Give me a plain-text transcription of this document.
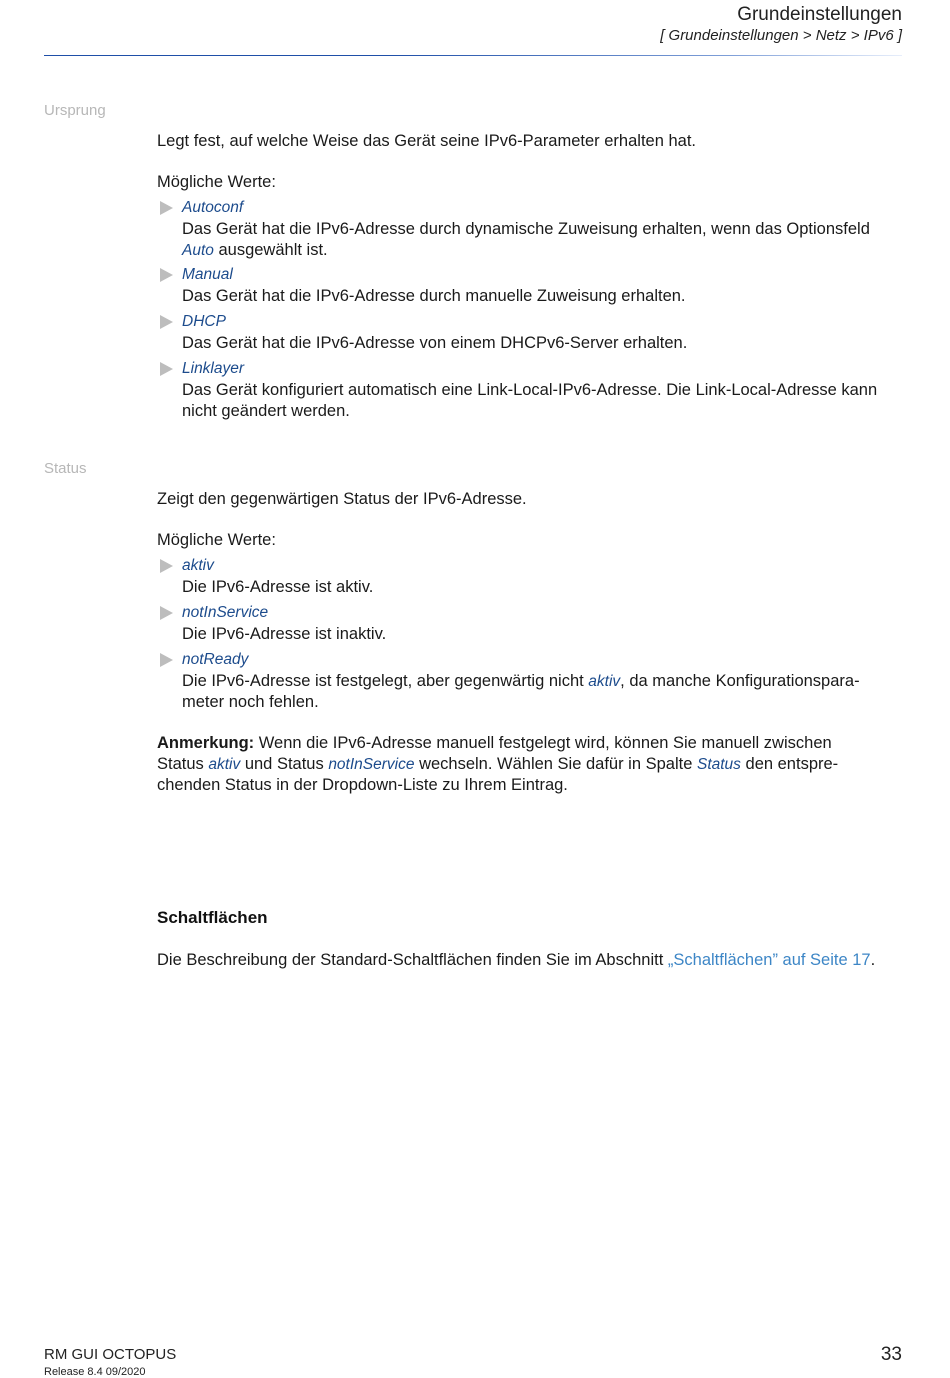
Grundeinstellungen
[ Grundeinstellungen > Netz > IPv6 ]
Ursprung
Legt fest, auf welche Weise das Gerät seine IPv6-Parameter erhalten hat.
Mögliche Werte:
Autoconf
Das Gerät hat die IPv6-Adresse durch dynamische Zuweisung erhalten, wenn das Optionsfeld Auto ausgewählt ist.
Manual
Das Gerät hat die IPv6-Adresse durch manuelle Zuweisung erhalten.
DHCP
Das Gerät hat die IPv6-Adresse von einem DHCPv6-Server erhalten.
Linklayer
Das Gerät konfiguriert automatisch eine Link-Local-IPv6-Adresse. Die Link-Local-Adresse kann nicht geändert werden.
Status
Zeigt den gegenwärtigen Status der IPv6-Adresse.
Mögliche Werte:
aktiv
Die IPv6-Adresse ist aktiv.
notInService
Die IPv6-Adresse ist inaktiv.
notReady
Die IPv6-Adresse ist festgelegt, aber gegenwärtig nicht aktiv, da manche Konfigurationspara-meter noch fehlen.
Anmerkung: Wenn die IPv6-Adresse manuell festgelegt wird, können Sie manuell zwischen Status aktiv und Status notInService wechseln. Wählen Sie dafür in Spalte Status den entspre-chenden Status in der Dropdown-Liste zu Ihrem Eintrag.
Schaltflächen
Die Beschreibung der Standard-Schaltflächen finden Sie im Abschnitt „Schaltflächen” auf Seite 17.
RM GUI OCTOPUS
Release 8.4 09/2020
33
